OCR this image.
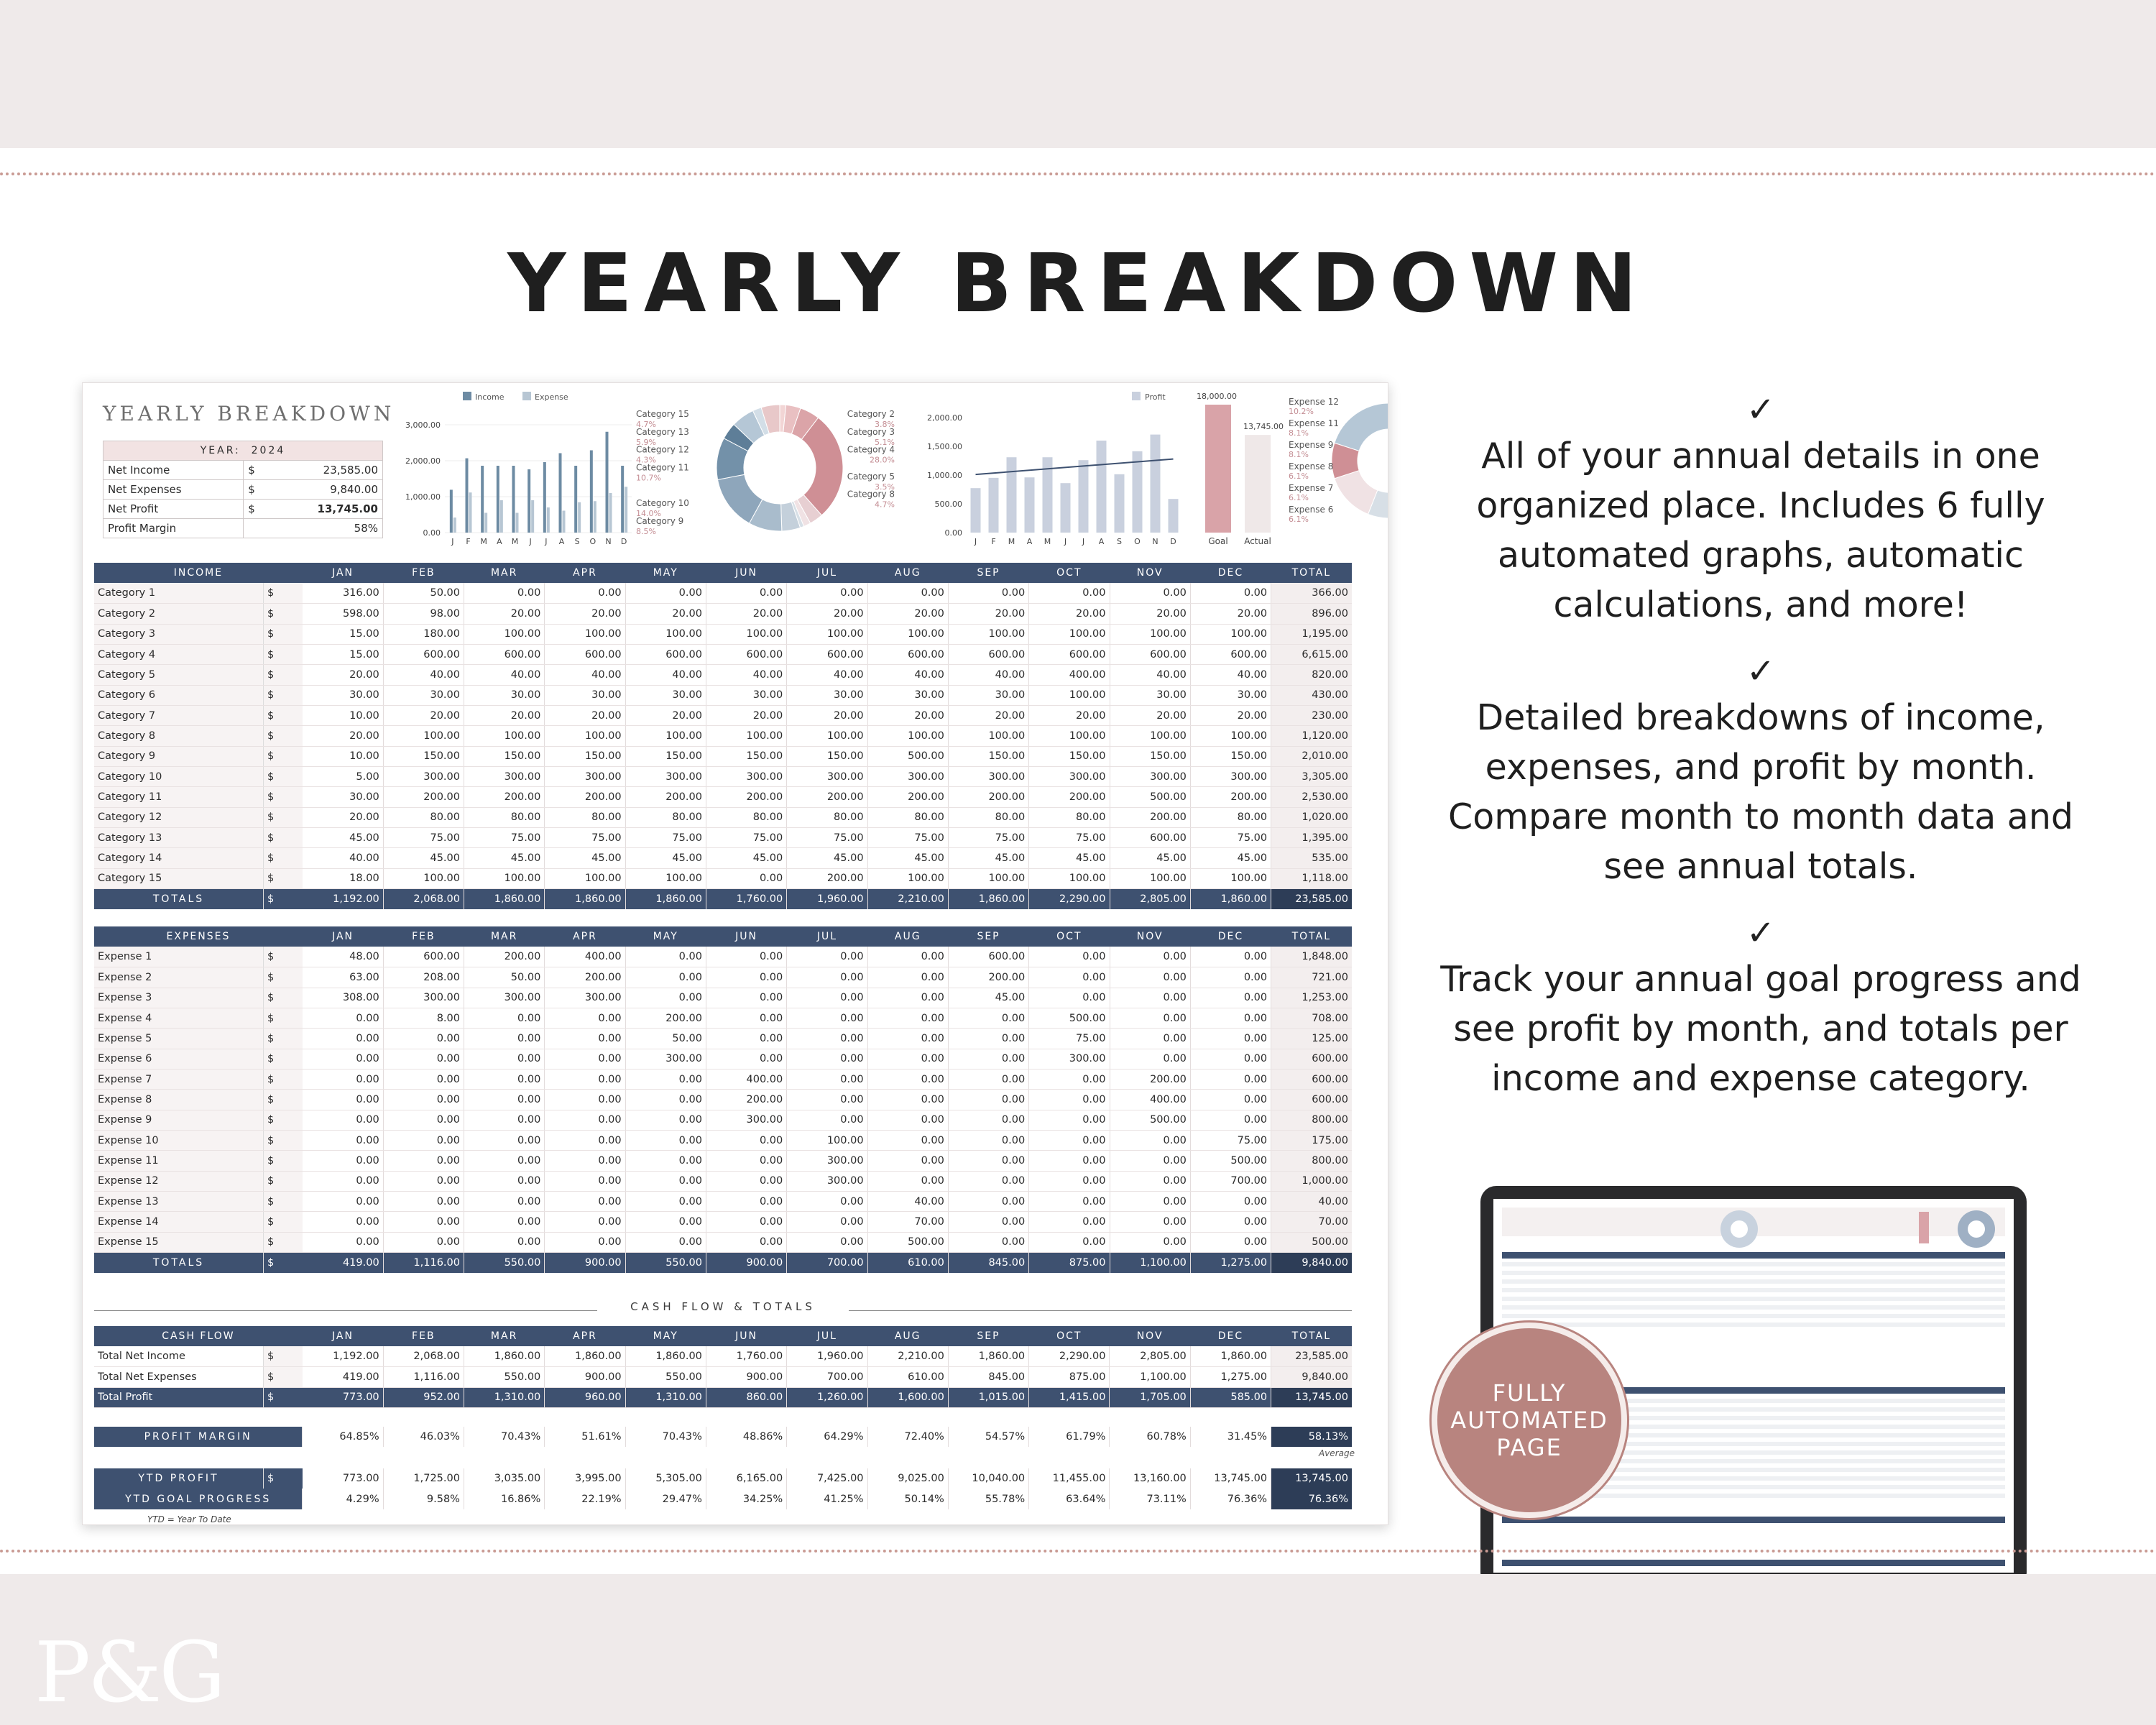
YEARLY BREAKDOWN
YEARLY BREAKDOWN
YEAR: 2024		
Net Income	$	23,585.00
Net Expenses	$	9,840.00
Net Profit	$	13,745.00
Profit Margin		58%
Income	Expense
0.00
1,000.00
2,000.00
3,000.00
J F M A M J J A S O N D
Category 15
4.7%
Category 13
5.9%
Category 12
4.3%
Category 11
10.7%
Category 10
14.0%
Category 9
8.5%
Category 2
3.8%
Category 3
5.1%
Category 4
28.0%
Category 5
3.5%
Category 8
4.7%
Profit
0.00
500.00
1,000.00
1,500.00
2,000.00
J F M A M J J A S O N D	Goal
18,000.00
Actual
13,745.00
Expense 12
10.2%
Expense 11
8.1%
Expense 9
8.1%
Expense 8
6.1%
Expense 7
6.1%
Expense 6
6.1%
INCOME		JAN	FEB	MAR	APR	MAY	JUN	JUL	AUG	SEP	OCT	NOV	DEC	TOTAL
Category 1	$	316.00	50.00	0.00	0.00	0.00	0.00	0.00	0.00	0.00	0.00	0.00	0.00	366.00
Category 2	$	598.00	98.00	20.00	20.00	20.00	20.00	20.00	20.00	20.00	20.00	20.00	20.00	896.00
Category 3	$	15.00	180.00	100.00	100.00	100.00	100.00	100.00	100.00	100.00	100.00	100.00	100.00	1,195.00
Category 4	$	15.00	600.00	600.00	600.00	600.00	600.00	600.00	600.00	600.00	600.00	600.00	600.00	6,615.00
Category 5	$	20.00	40.00	40.00	40.00	40.00	40.00	40.00	40.00	40.00	400.00	40.00	40.00	820.00
Category 6	$	30.00	30.00	30.00	30.00	30.00	30.00	30.00	30.00	30.00	100.00	30.00	30.00	430.00
Category 7	$	10.00	20.00	20.00	20.00	20.00	20.00	20.00	20.00	20.00	20.00	20.00	20.00	230.00
Category 8	$	20.00	100.00	100.00	100.00	100.00	100.00	100.00	100.00	100.00	100.00	100.00	100.00	1,120.00
Category 9	$	10.00	150.00	150.00	150.00	150.00	150.00	150.00	500.00	150.00	150.00	150.00	150.00	2,010.00
Category 10	$	5.00	300.00	300.00	300.00	300.00	300.00	300.00	300.00	300.00	300.00	300.00	300.00	3,305.00
Category 11	$	30.00	200.00	200.00	200.00	200.00	200.00	200.00	200.00	200.00	200.00	500.00	200.00	2,530.00
Category 12	$	20.00	80.00	80.00	80.00	80.00	80.00	80.00	80.00	80.00	80.00	200.00	80.00	1,020.00
Category 13	$	45.00	75.00	75.00	75.00	75.00	75.00	75.00	75.00	75.00	75.00	600.00	75.00	1,395.00
Category 14	$	40.00	45.00	45.00	45.00	45.00	45.00	45.00	45.00	45.00	45.00	45.00	45.00	535.00
Category 15	$	18.00	100.00	100.00	100.00	100.00	0.00	200.00	100.00	100.00	100.00	100.00	100.00	1,118.00
TOTALS	$	1,192.00	2,068.00	1,860.00	1,860.00	1,860.00	1,760.00	1,960.00	2,210.00	1,860.00	2,290.00	2,805.00	1,860.00	23,585.00
EXPENSES		JAN	FEB	MAR	APR	MAY	JUN	JUL	AUG	SEP	OCT	NOV	DEC	TOTAL
Expense 1	$	48.00	600.00	200.00	400.00	0.00	0.00	0.00	0.00	600.00	0.00	0.00	0.00	1,848.00
Expense 2	$	63.00	208.00	50.00	200.00	0.00	0.00	0.00	0.00	200.00	0.00	0.00	0.00	721.00
Expense 3	$	308.00	300.00	300.00	300.00	0.00	0.00	0.00	0.00	45.00	0.00	0.00	0.00	1,253.00
Expense 4	$	0.00	8.00	0.00	0.00	200.00	0.00	0.00	0.00	0.00	500.00	0.00	0.00	708.00
Expense 5	$	0.00	0.00	0.00	0.00	50.00	0.00	0.00	0.00	0.00	75.00	0.00	0.00	125.00
Expense 6	$	0.00	0.00	0.00	0.00	300.00	0.00	0.00	0.00	0.00	300.00	0.00	0.00	600.00
Expense 7	$	0.00	0.00	0.00	0.00	0.00	400.00	0.00	0.00	0.00	0.00	200.00	0.00	600.00
Expense 8	$	0.00	0.00	0.00	0.00	0.00	200.00	0.00	0.00	0.00	0.00	400.00	0.00	600.00
Expense 9	$	0.00	0.00	0.00	0.00	0.00	300.00	0.00	0.00	0.00	0.00	500.00	0.00	800.00
Expense 10	$	0.00	0.00	0.00	0.00	0.00	0.00	100.00	0.00	0.00	0.00	0.00	75.00	175.00
Expense 11	$	0.00	0.00	0.00	0.00	0.00	0.00	300.00	0.00	0.00	0.00	0.00	500.00	800.00
Expense 12	$	0.00	0.00	0.00	0.00	0.00	0.00	300.00	0.00	0.00	0.00	0.00	700.00	1,000.00
Expense 13	$	0.00	0.00	0.00	0.00	0.00	0.00	0.00	40.00	0.00	0.00	0.00	0.00	40.00
Expense 14	$	0.00	0.00	0.00	0.00	0.00	0.00	0.00	70.00	0.00	0.00	0.00	0.00	70.00
Expense 15	$	0.00	0.00	0.00	0.00	0.00	0.00	0.00	500.00	0.00	0.00	0.00	0.00	500.00
TOTALS	$	419.00	1,116.00	550.00	900.00	550.00	900.00	700.00	610.00	845.00	875.00	1,100.00	1,275.00	9,840.00
CASH FLOW & TOTALS
CASH FLOW		JAN	FEB	MAR	APR	MAY	JUN	JUL	AUG	SEP	OCT	NOV	DEC	TOTAL
Total Net Income	$	1,192.00	2,068.00	1,860.00	1,860.00	1,860.00	1,760.00	1,960.00	2,210.00	1,860.00	2,290.00	2,805.00	1,860.00	23,585.00
Total Net Expenses	$	419.00	1,116.00	550.00	900.00	550.00	900.00	700.00	610.00	845.00	875.00	1,100.00	1,275.00	9,840.00
Total Profit	$	773.00	952.00	1,310.00	960.00	1,310.00	860.00	1,260.00	1,600.00	1,015.00	1,415.00	1,705.00	585.00	13,745.00
PROFIT MARGIN	64.85%	46.03%	70.43%	51.61%	70.43%	48.86%	64.29%	72.40%	54.57%	61.79%	60.78%	31.45%	58.13%
Average
YTD PROFIT	$	773.00	1,725.00	3,035.00	3,995.00	5,305.00	6,165.00	7,425.00	9,025.00	10,040.00	11,455.00	13,160.00	13,745.00	13,745.00
YTD GOAL PROGRESS		4.29%	9.58%	16.86%	22.19%	29.47%	34.25%	41.25%	50.14%	55.78%	63.64%	73.11%	76.36%	76.36%
YTD = Year To Date
✓
All of your annual details in one organized place. Includes 6 fully automated graphs, automatic calculations, and more!
✓
Detailed breakdowns of income, expenses, and profit by month. Compare month to month data and see annual totals.
✓
Track your annual goal progress and see profit by month, and totals per income and expense category.
FULLY AUTOMATED PAGE
P&G
